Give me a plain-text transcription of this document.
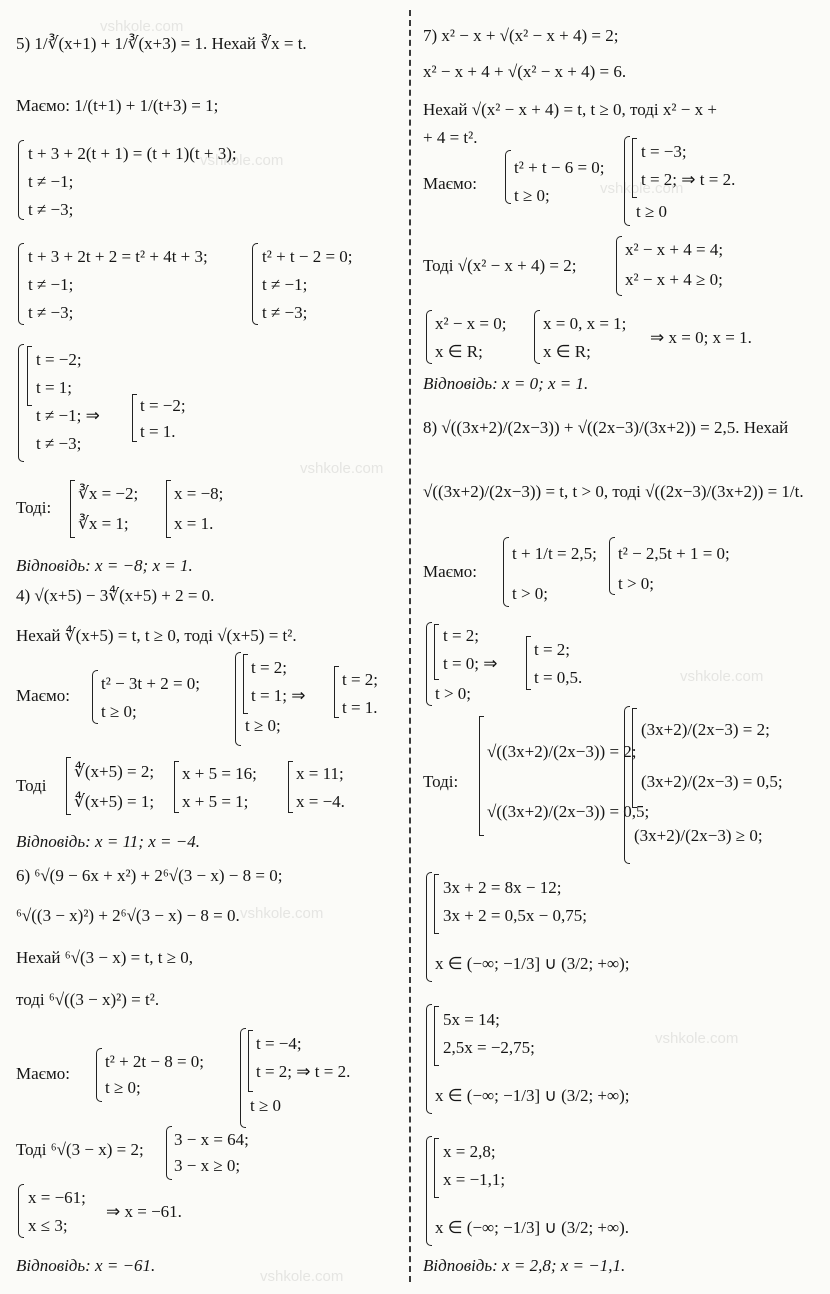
vshkole.com
vshkole.com
vshkole.com
vshkole.com
vshkole.com
vshkole.com
vshkole.com
vshkole.com
5) 1/∛(x+1) + 1/∛(x+3) = 1. Нехай ∛x = t.
Маємо: 1/(t+1) + 1/(t+3) = 1;
t + 3 + 2(t + 1) = (t + 1)(t + 3);
t ≠ −1;
t ≠ −3;
t + 3 + 2t + 2 = t² + 4t + 3;	t² + t − 2 = 0;
t ≠ −1;	t ≠ −1;
t ≠ −3;	t ≠ −3;
t = −2;
t = 1;
t ≠ −1; ⇒
t = −2;
t = 1.
t ≠ −3;
Тоді:
∛x = −2; x = −8;
∛x = 1;	x = 1.
Відповідь: x = −8; x = 1.
4) √(x+5) − 3∜(x+5) + 2 = 0.
Нехай ∜(x+5) = t, t ≥ 0, тоді √(x+5) = t².
Маємо:
t² − 3t + 2 = 0;
t = 2;
t = 2;
t ≥ 0;
t = 1; ⇒
t = 1.
t ≥ 0;
Тоді
∜(x+5) = 2; x + 5 = 16; x = 11;
∜(x+5) = 1; x + 5 = 1;	x = −4.
Відповідь: x = 11; x = −4.
6) ⁶√(9 − 6x + x²) + 2⁶√(3 − x) − 8 = 0;
⁶√((3 − x)²) + 2⁶√(3 − x) − 8 = 0.
Нехай ⁶√(3 − x) = t, t ≥ 0,
тоді ⁶√((3 − x)²) = t².
Маємо:
t² + 2t − 8 = 0;
t = −4;
t ≥ 0;
t = 2; ⇒ t = 2.
t ≥ 0
Тоді ⁶√(3 − x) = 2;
3 − x = 64;
3 − x ≥ 0;
x = −61;
x ≤ 3;
⇒ x = −61.
Відповідь: x = −61.
7) x² − x + √(x² − x + 4) = 2;
x² − x + 4 + √(x² − x + 4) = 6.
Нехай √(x² − x + 4) = t, t ≥ 0, тоді x² − x +
+ 4 = t².
t = −3;
Маємо:
t² + t − 6 = 0;
t = 2; ⇒ t = 2.
t ≥ 0;
t ≥ 0
Тоді √(x² − x + 4) = 2;
x² − x + 4 = 4;
x² − x + 4 ≥ 0;
x² − x = 0; x = 0, x = 1;
⇒ x = 0; x = 1.
x ∈ R;	x ∈ R;
Відповідь: x = 0; x = 1.
8) √((3x+2)/(2x−3)) + √((2x−3)/(3x+2)) = 2,5. Нехай
√((3x+2)/(2x−3)) = t, t > 0, тоді √((2x−3)/(3x+2)) = 1/t.
Маємо:
t + 1/t = 2,5; t² − 2,5t + 1 = 0;
t > 0;
t > 0;
t = 2;
t = 2;
t = 0; ⇒
t = 0,5.
t > 0;
(3x+2)/(2x−3) = 2;
√((3x+2)/(2x−3)) = 2;
Тоді:	(3x+2)/(2x−3) = 0,5;
√((3x+2)/(2x−3)) = 0,5;
(3x+2)/(2x−3) ≥ 0;
3x + 2 = 8x − 12;
3x + 2 = 0,5x − 0,75;
x ∈ (−∞; −1/3] ∪ (3/2; +∞);
5x = 14;
2,5x = −2,75;
x ∈ (−∞; −1/3] ∪ (3/2; +∞);
x = 2,8;
x = −1,1;
x ∈ (−∞; −1/3] ∪ (3/2; +∞).
Відповідь: x = 2,8; x = −1,1.
